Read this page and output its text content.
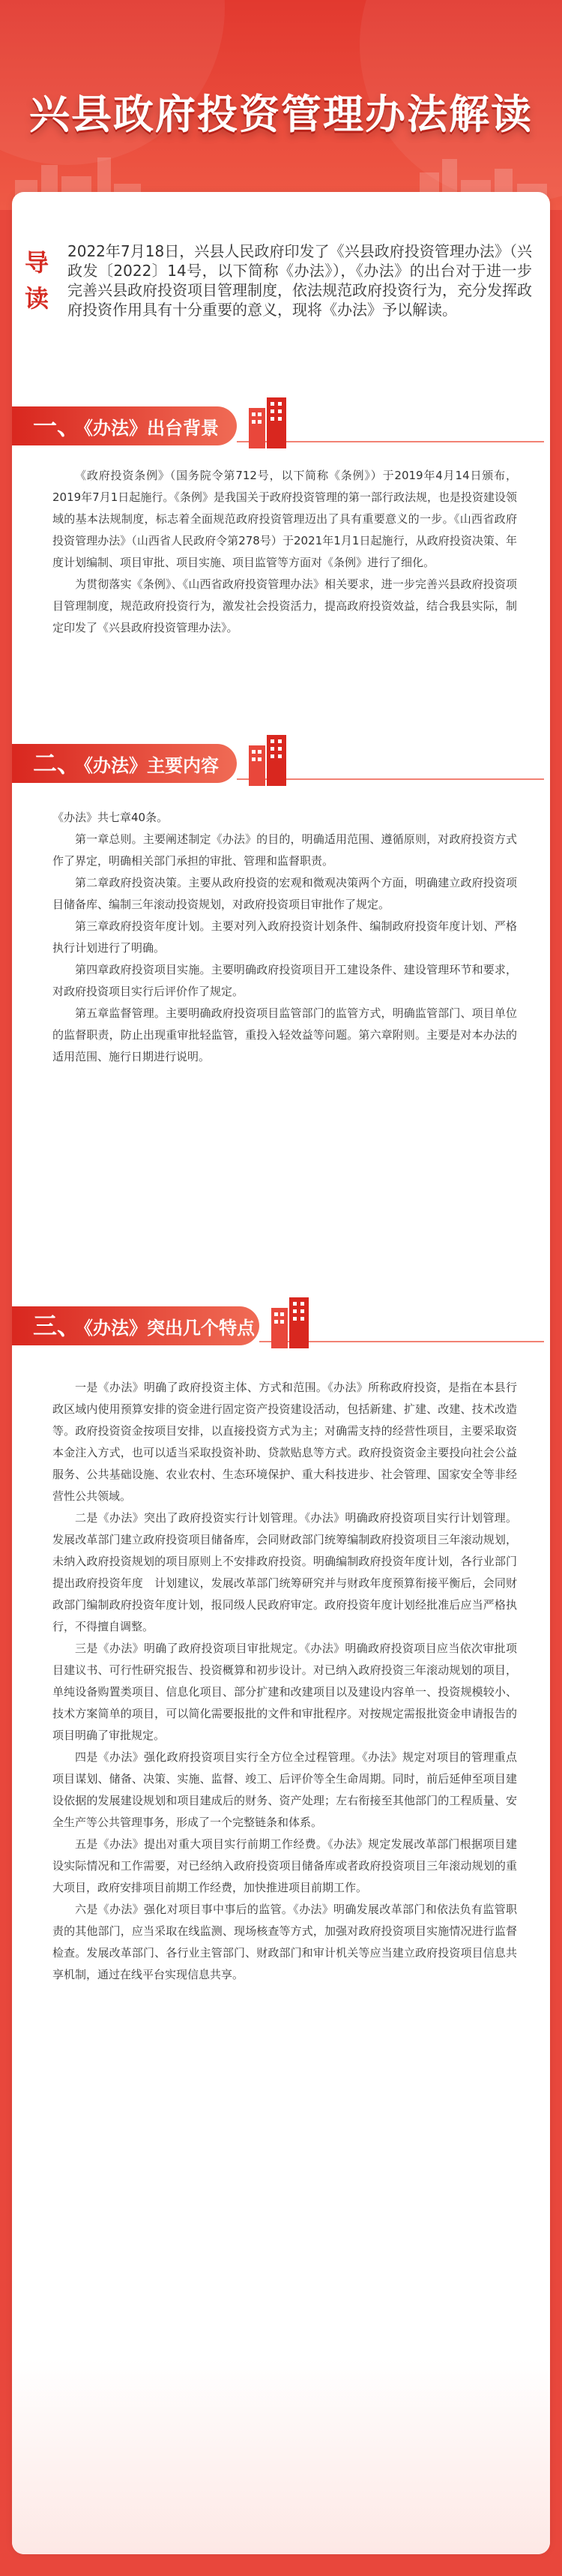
兴县政府投资管理办法解读
导读
2022年7月18日，兴县人民政府印发了《兴县政府投资管理办法》（兴政发〔2022〕14号，以下简称《办法》），《办法》的出台对于进一步完善兴县政府投资项目管理制度，依法规范政府投资行为，充分发挥政府投资作用具有十分重要的意义，现将《办法》予以解读。
一、 《办法》出台背景

《政府投资条例》（国务院令第712号，以下简称《条例》）于2019年4月14日颁布，2019年7月1日起施行。《条例》是我国关于政府投资管理的第一部行政法规，也是投资建设领域的基本法规制度，标志着全面规范政府投资管理迈出了具有重要意义的一步。《山西省政府投资管理办法》（山西省人民政府令第278号）于2021年1月1日起施行，从政府投资决策、年度计划编制、项目审批、项目实施、项目监管等方面对《条例》进行了细化。

为贯彻落实《条例》、《山西省政府投资管理办法》相关要求，进一步完善兴县政府投资项目管理制度，规范政府投资行为，激发社会投资活力，提高政府投资效益，结合我县实际，制定印发了《兴县政府投资管理办法》。

二、 《办法》主要内容

《办法》共七章40条。

第一章总则。主要阐述制定《办法》的目的，明确适用范围、遵循原则，对政府投资方式作了界定，明确相关部门承担的审批、管理和监督职责。

第二章政府投资决策。主要从政府投资的宏观和微观决策两个方面，明确建立政府投资项目储备库、编制三年滚动投资规划，对政府投资项目审批作了规定。

第三章政府投资年度计划。主要对列入政府投资计划条件、编制政府投资年度计划、严格执行计划进行了明确。

第四章政府投资项目实施。主要明确政府投资项目开工建设条件、建设管理环节和要求，对政府投资项目实行后评价作了规定。

第五章监督管理。主要明确政府投资项目监管部门的监管方式，明确监管部门、项目单位的监督职责，防止出现重审批轻监管，重投入轻效益等问题。第六章附则。主要是对本办法的适用范围、施行日期进行说明。

三、 《办法》突出几个特点

一是《办法》明确了政府投资主体、方式和范围。《办法》所称政府投资，是指在本县行政区域内使用预算安排的资金进行固定资产投资建设活动，包括新建、扩建、改建、技术改造等。政府投资资金按项目安排，以直接投资方式为主；对确需支持的经营性项目，主要采取资本金注入方式，也可以适当采取投资补助、贷款贴息等方式。政府投资资金主要投向社会公益服务、公共基础设施、农业农村、生态环境保护、重大科技进步、社会管理、国家安全等非经营性公共领域。

二是《办法》突出了政府投资实行计划管理。《办法》明确政府投资项目实行计划管理。发展改革部门建立政府投资项目储备库，会同财政部门统筹编制政府投资项目三年滚动规划，未纳入政府投资规划的项目原则上不安排政府投资。明确编制政府投资年度计划，各行业部门提出政府投资年度　计划建议，发展改革部门统筹研究并与财政年度预算衔接平衡后，会同财政部门编制政府投资年度计划，报同级人民政府审定。政府投资年度计划经批准后应当严格执行，不得擅自调整。

三是《办法》明确了政府投资项目审批规定。《办法》明确政府投资项目应当依次审批项目建议书、可行性研究报告、投资概算和初步设计。对已纳入政府投资三年滚动规划的项目，单纯设备购置类项目、信息化项目、部分扩建和改建项目以及建设内容单一、投资规模较小、技术方案简单的项目，可以简化需要报批的文件和审批程序。对按规定需报批资金申请报告的项目明确了审批规定。

四是《办法》强化政府投资项目实行全方位全过程管理。《办法》规定对项目的管理重点项目谋划、储备、决策、实施、监督、竣工、后评价等全生命周期。同时，前后延伸至项目建设依据的发展建设规划和项目建成后的财务、资产处理；左右衔接至其他部门的工程质量、安全生产等公共管理事务，形成了一个完整链条和体系。

五是《办法》提出对重大项目实行前期工作经费。《办法》规定发展改革部门根据项目建设实际情况和工作需要，对已经纳入政府投资项目储备库或者政府投资项目三年滚动规划的重大项目，政府安排项目前期工作经费，加快推进项目前期工作。

六是《办法》强化对项目事中事后的监管。《办法》明确发展改革部门和依法负有监管职责的其他部门，应当采取在线监测、现场核查等方式，加强对政府投资项目实施情况进行监督检查。发展改革部门、各行业主管部门、财政部门和审计机关等应当建立政府投资项目信息共享机制，通过在线平台实现信息共享。
